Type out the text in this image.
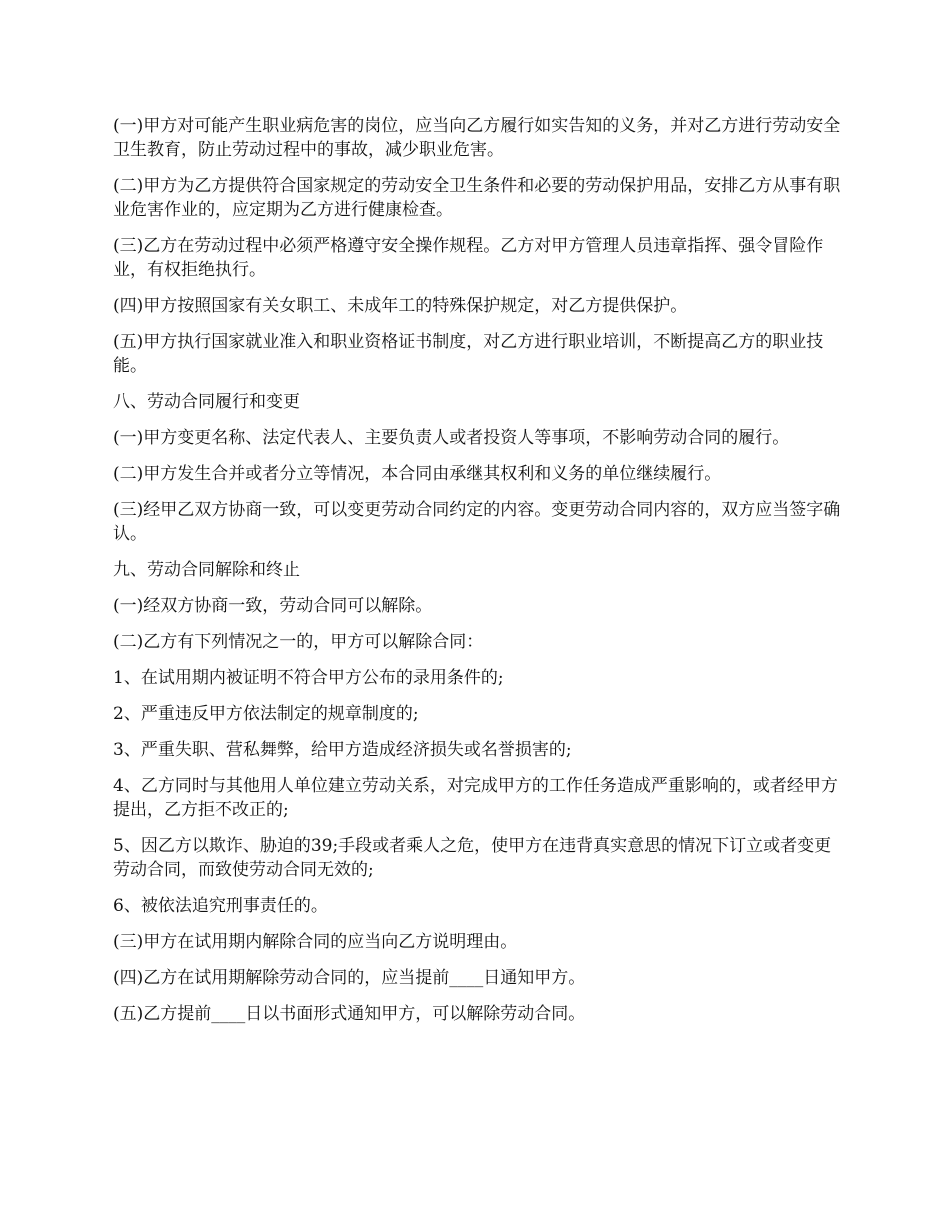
(一)甲方对可能产生职业病危害的岗位，应当向乙方履行如实告知的义务，并对乙方进行劳动安全卫生教育，防止劳动过程中的事故，减少职业危害。

(二)甲方为乙方提供符合国家规定的劳动安全卫生条件和必要的劳动保护用品，安排乙方从事有职业危害作业的，应定期为乙方进行健康检查。

(三)乙方在劳动过程中必须严格遵守安全操作规程。乙方对甲方管理人员违章指挥、强令冒险作业，有权拒绝执行。

(四)甲方按照国家有关女职工、未成年工的特殊保护规定，对乙方提供保护。

(五)甲方执行国家就业准入和职业资格证书制度，对乙方进行职业培训，不断提高乙方的职业技能。

八、劳动合同履行和变更

(一)甲方变更名称、法定代表人、主要负责人或者投资人等事项，不影响劳动合同的履行。

(二)甲方发生合并或者分立等情况，本合同由承继其权利和义务的单位继续履行。

(三)经甲乙双方协商一致，可以变更劳动合同约定的内容。变更劳动合同内容的，双方应当签字确认。

九、劳动合同解除和终止

(一)经双方协商一致，劳动合同可以解除。

(二)乙方有下列情况之一的，甲方可以解除合同：

1、在试用期内被证明不符合甲方公布的录用条件的;

2、严重违反甲方依法制定的规章制度的;

3、严重失职、营私舞弊，给甲方造成经济损失或名誉损害的;

4、乙方同时与其他用人单位建立劳动关系，对完成甲方的工作任务造成严重影响的，或者经甲方提出，乙方拒不改正的;

5、因乙方以欺诈、胁迫的39;手段或者乘人之危，使甲方在违背真实意思的情况下订立或者变更劳动合同，而致使劳动合同无效的;

6、被依法追究刑事责任的。

(三)甲方在试用期内解除合同的应当向乙方说明理由。

(四)乙方在试用期解除劳动合同的，应当提前____日通知甲方。

(五)乙方提前____日以书面形式通知甲方，可以解除劳动合同。
